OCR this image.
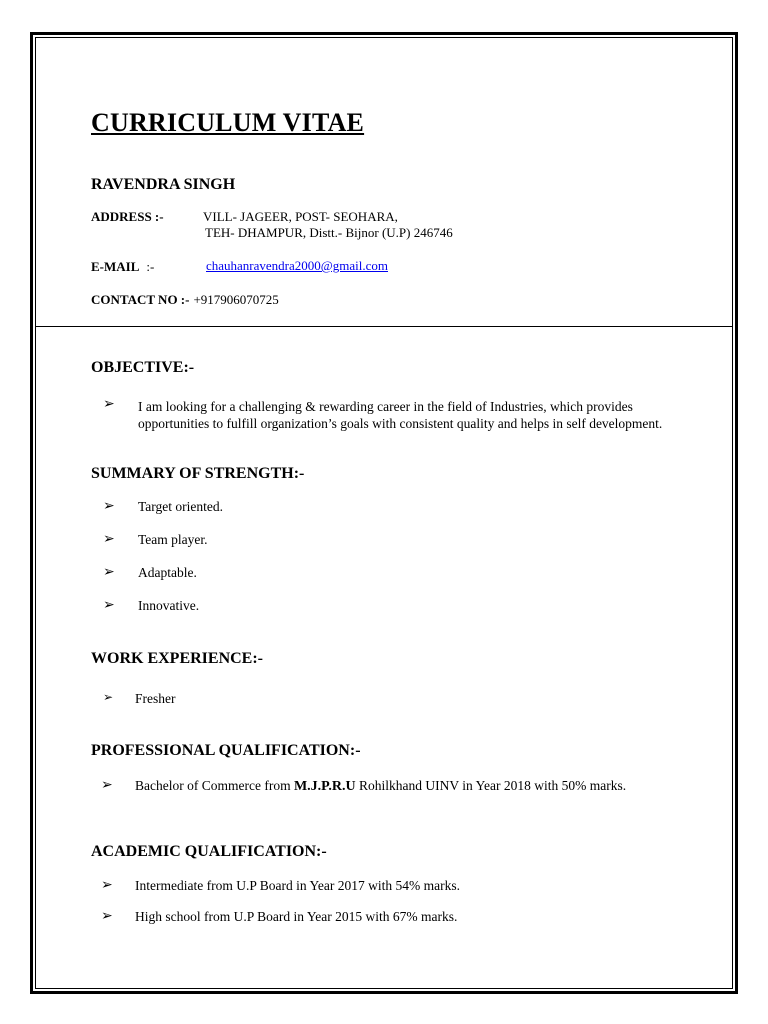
CURRICULUM VITAE
RAVENDRA SINGH
ADDRESS :-	VILL- JAGEER, POST- SEOHARA,
TEH- DHAMPUR, Distt.- Bijnor (U.P) 246746
E-MAIL :-	chauhanravendra2000@gmail.com
CONTACT NO :- +917906070725
OBJECTIVE:-
➢ I am looking for a challenging & rewarding career in the field of Industries, which provides opportunities to fulfill organization’s goals with consistent quality and helps in self development.
SUMMARY OF STRENGTH:-
➢ Target oriented.
➢ Team player.
➢ Adaptable.
➢ Innovative.
WORK EXPERIENCE:-
➢ Fresher
PROFESSIONAL QUALIFICATION:-
➢ Bachelor of Commerce from M.J.P.R.U Rohilkhand UINV in Year 2018 with 50% marks.
ACADEMIC QUALIFICATION:-
➢ Intermediate from U.P Board in Year 2017 with 54% marks.
➢ High school from U.P Board in Year 2015 with 67% marks.
